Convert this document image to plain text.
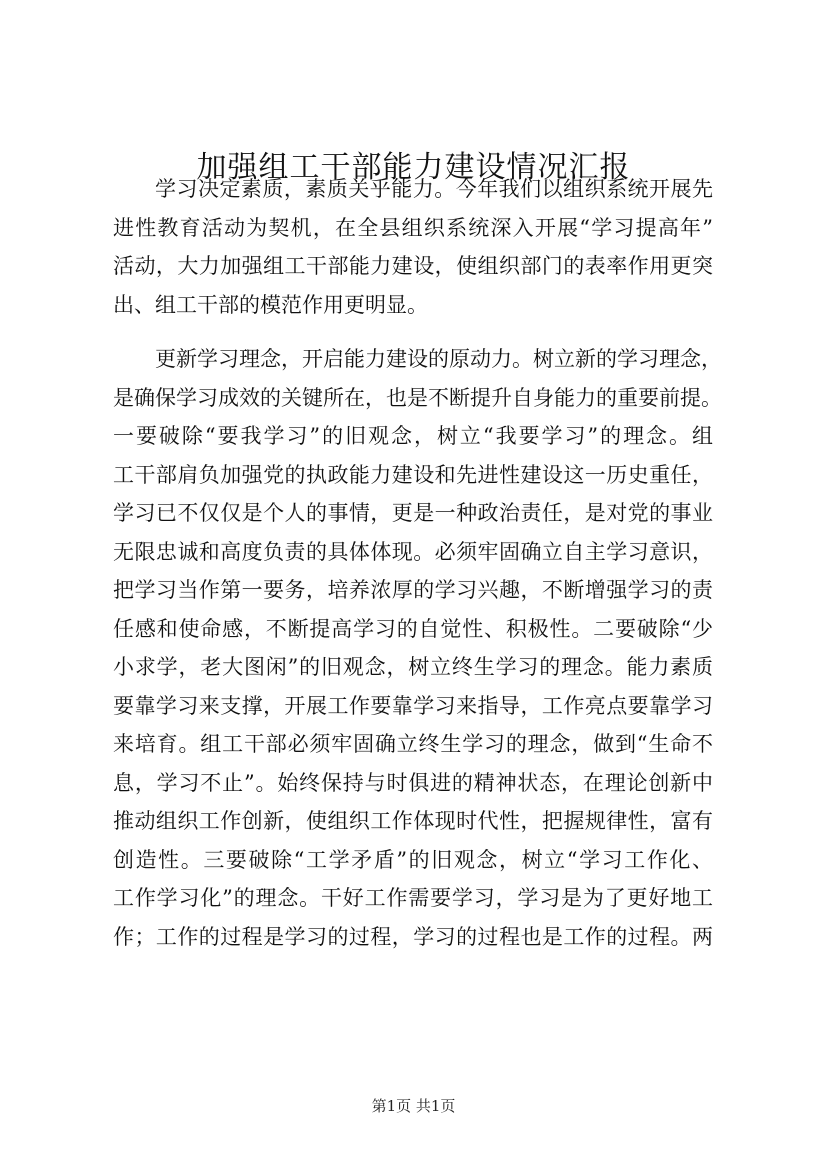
加强组工干部能力建设情况汇报
学习决定素质，素质关乎能力。今年我们以组织系统开展先
进性教育活动为契机，在全县组织系统深入开展“学习提高年”
活动，大力加强组工干部能力建设，使组织部门的表率作用更突
出、组工干部的模范作用更明显。
更新学习理念，开启能力建设的原动力。树立新的学习理念，
是确保学习成效的关键所在，也是不断提升自身能力的重要前提。
一要破除“要我学习”的旧观念，树立“我要学习”的理念。组
工干部肩负加强党的执政能力建设和先进性建设这一历史重任，
学习已不仅仅是个人的事情，更是一种政治责任，是对党的事业
无限忠诚和高度负责的具体体现。必须牢固确立自主学习意识，
把学习当作第一要务，培养浓厚的学习兴趣，不断增强学习的责
任感和使命感，不断提高学习的自觉性、积极性。二要破除“少
小求学，老大图闲”的旧观念，树立终生学习的理念。能力素质
要靠学习来支撑，开展工作要靠学习来指导，工作亮点要靠学习
来培育。组工干部必须牢固确立终生学习的理念，做到“生命不
息，学习不止”。始终保持与时俱进的精神状态，在理论创新中
推动组织工作创新，使组织工作体现时代性，把握规律性，富有
创造性。三要破除“工学矛盾”的旧观念，树立“学习工作化、
工作学习化”的理念。干好工作需要学习，学习是为了更好地工
作；工作的过程是学习的过程，学习的过程也是工作的过程。两
第1页 共1页
